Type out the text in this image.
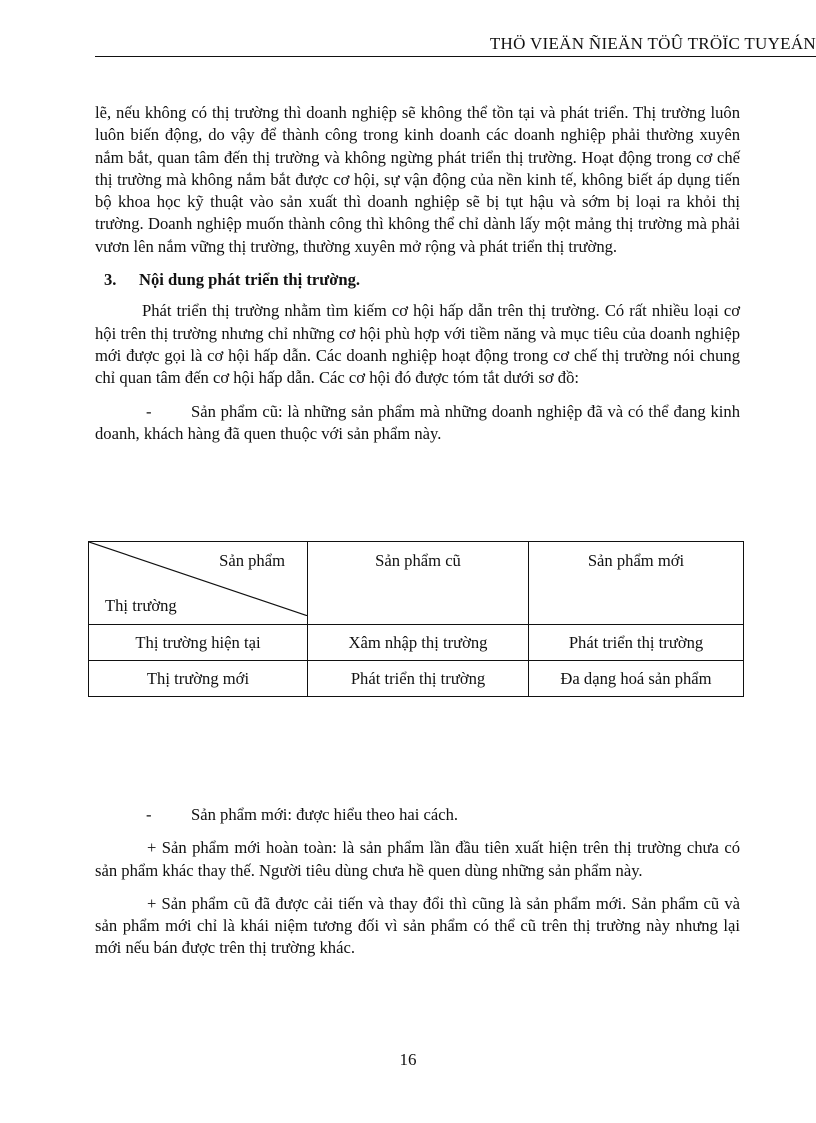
THÖ VIEÄN ÑIEÄN TÖÛ TRÖÏC TUYEÁN

lẽ, nếu không có thị trường thì doanh nghiệp sẽ không thể tồn tại và phát triển. Thị trường luôn luôn biến động, do vậy để thành công trong kinh doanh các doanh nghiệp phải thường xuyên nắm bắt, quan tâm đến thị trường và không ngừng phát triển thị trường. Hoạt động trong cơ chế thị trường mà không nắm bắt được cơ hội, sự vận động của nền kinh tế, không biết áp dụng tiến bộ khoa học kỹ thuật vào sản xuất thì doanh nghiệp sẽ bị tụt hậu và sớm bị loại ra khỏi thị trường. Doanh nghiệp muốn thành công thì không thể chỉ dành lấy một mảng thị trường mà phải vươn lên nắm vững thị trường, thường xuyên mở rộng và phát triển thị trường.

3.	Nội dung phát triển thị trường.

Phát triển thị trường nhằm tìm kiếm cơ hội hấp dẫn trên thị trường. Có rất nhiều loại cơ hội trên thị trường nhưng chỉ những cơ hội phù hợp với tiềm năng và mục tiêu của doanh nghiệp mới được gọi là cơ hội hấp dẫn. Các doanh nghiệp hoạt động trong cơ chế thị trường nói chung chỉ quan tâm đến cơ hội hấp dẫn. Các cơ hội đó được tóm tắt dưới sơ đồ:

- Sản phẩm cũ: là những sản phẩm mà những doanh nghiệp đã và có thể đang kinh doanh, khách hàng đã quen thuộc với sản phẩm này.

Sản phẩm
Thị trường	Sản phẩm cũ	Sản phẩm mới
Thị trường hiện tại	Xâm nhập thị trường	Phát triển thị trường
Thị trường mới	Phát triển thị trường	Đa dạng hoá sản phẩm

- Sản phẩm mới: được hiểu theo hai cách.

+ Sản phẩm mới hoàn toàn: là sản phẩm lần đầu tiên xuất hiện trên thị trường chưa có sản phẩm khác thay thế. Người tiêu dùng chưa hề quen dùng những sản phẩm này.

+ Sản phẩm cũ đã được cải tiến và thay đổi thì cũng là sản phẩm mới. Sản phẩm cũ và sản phẩm mới chỉ là khái niệm tương đối vì sản phẩm có thể cũ trên thị trường này nhưng lại mới nếu bán được trên thị trường khác.

16
